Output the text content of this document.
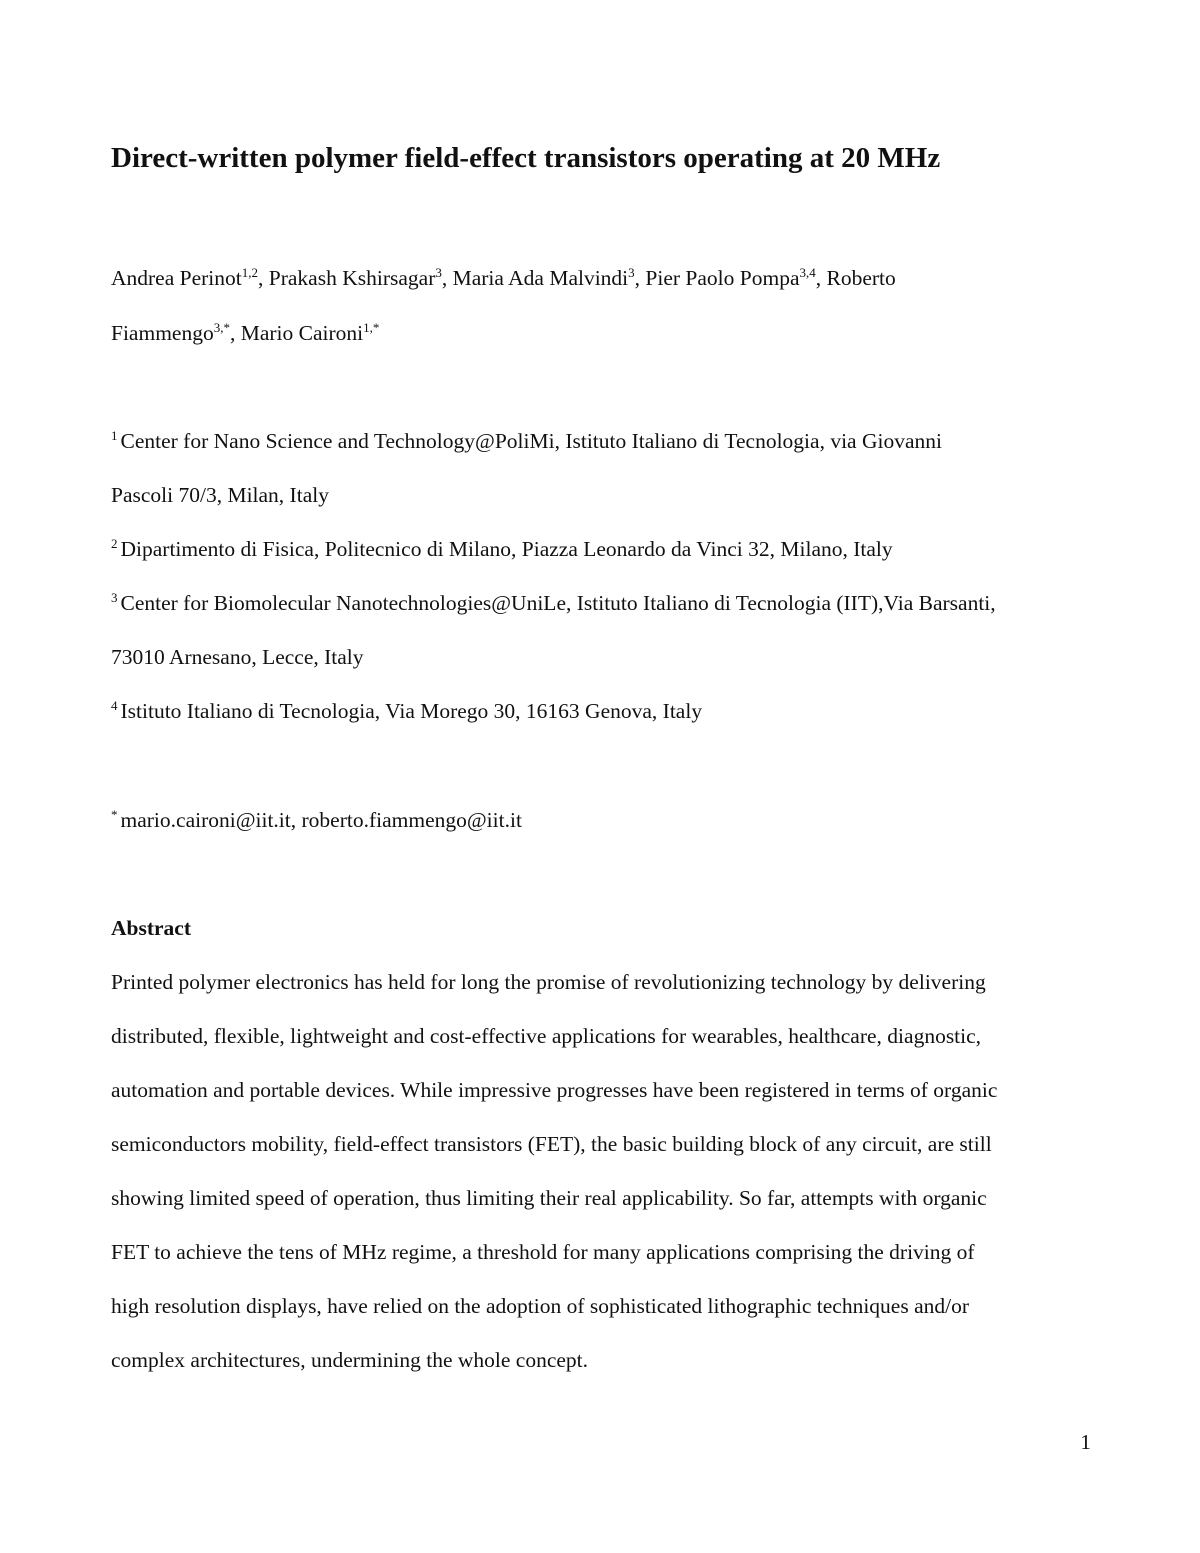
Direct-written polymer field-effect transistors operating at 20 MHz

Andrea Perinot$^{1,2}$, Prakash Kshirsagar$^3$, Maria Ada Malvindi$^3$, Pier Paolo Pompa$^{3,4}$, Roberto

Fiammengo$^{3,*}$, Mario Caironi$^{1,*}$

$^1$ Center for Nano Science and Technology@PoliMi, Istituto Italiano di Tecnologia, via Giovanni

Pascoli 70/3, Milan, Italy

$^2$ Dipartimento di Fisica, Politecnico di Milano, Piazza Leonardo da Vinci 32, Milano, Italy

$^3$ Center for Biomolecular Nanotechnologies@UniLe, Istituto Italiano di Tecnologia (IIT),Via Barsanti,

73010 Arnesano, Lecce, Italy

$^4$ Istituto Italiano di Tecnologia, Via Morego 30, 16163 Genova, Italy

* mario.caironi@iit.it, roberto.fiammengo@iit.it

Abstract

Printed polymer electronics has held for long the promise of revolutionizing technology by delivering

distributed, flexible, lightweight and cost-effective applications for wearables, healthcare, diagnostic,

automation and portable devices. While impressive progresses have been registered in terms of organic

semiconductors mobility, field-effect transistors (FET), the basic building block of any circuit, are still

showing limited speed of operation, thus limiting their real applicability. So far, attempts with organic

FET to achieve the tens of MHz regime, a threshold for many applications comprising the driving of

high resolution displays, have relied on the adoption of sophisticated lithographic techniques and/or

complex architectures, undermining the whole concept.

1
